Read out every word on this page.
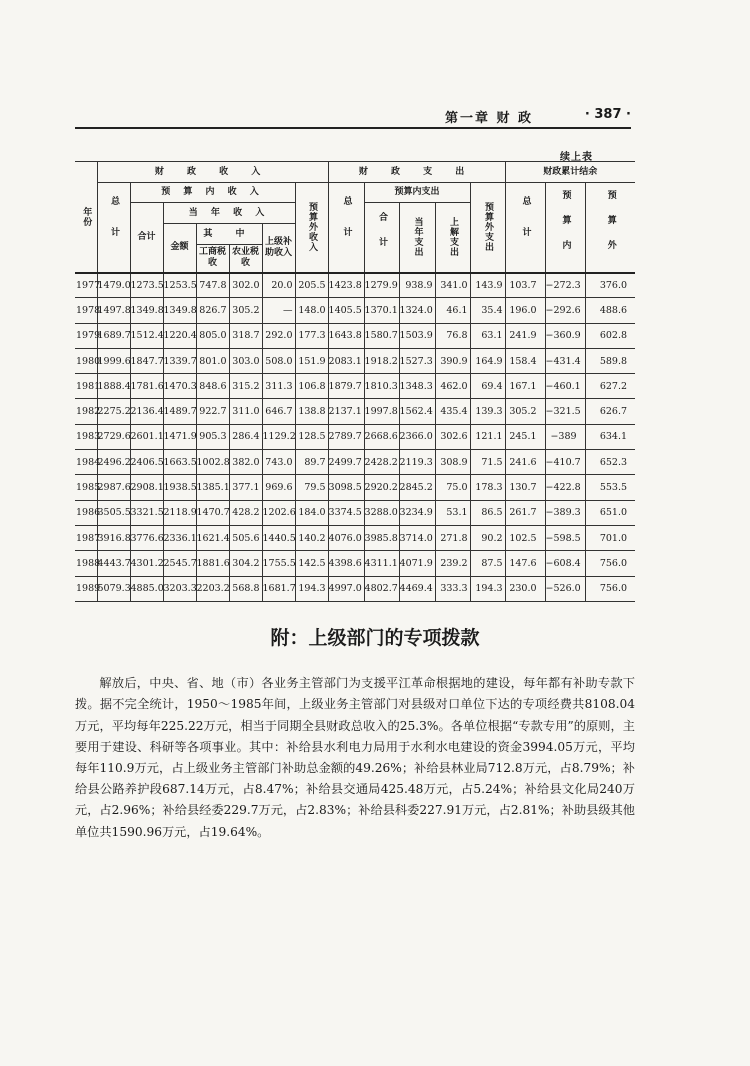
第一章 财 政	· 387 ·
续上表
年份	财 政 收 入							财 政 支 出					财政累计结余		

	总计	预 算 内 收 入					预算外收入	总计	预算内支出			预算外支出	总计	预算内	预算外

		合计	当 年 收 入						合计	当年支出	上解支出				

			金额	其 中		上级补助收入									
				工商税收	农业税收										
1977	1479.0	1273.5	1253.5	747.8	302.0	20.0	205.5	1423.8	1279.9	938.9	341.0	143.9	103.7	−272.3	376.0
1978	1497.8	1349.8	1349.8	826.7	305.2	—	148.0	1405.5	1370.1	1324.0	46.1	35.4	196.0	−292.6	488.6
1979	1689.7	1512.4	1220.4	805.0	318.7	292.0	177.3	1643.8	1580.7	1503.9	76.8	63.1	241.9	−360.9	602.8
1980	1999.6	1847.7	1339.7	801.0	303.0	508.0	151.9	2083.1	1918.2	1527.3	390.9	164.9	158.4	−431.4	589.8
1981	1888.4	1781.6	1470.3	848.6	315.2	311.3	106.8	1879.7	1810.3	1348.3	462.0	69.4	167.1	−460.1	627.2
1982	2275.2	2136.4	1489.7	922.7	311.0	646.7	138.8	2137.1	1997.8	1562.4	435.4	139.3	305.2	−321.5	626.7
1983	2729.6	2601.1	1471.9	905.3	286.4	1129.2	128.5	2789.7	2668.6	2366.0	302.6	121.1	245.1	−389	634.1
1984	2496.2	2406.5	1663.5	1002.8	382.0	743.0	89.7	2499.7	2428.2	2119.3	308.9	71.5	241.6	−410.7	652.3
1985	2987.6	2908.1	1938.5	1385.1	377.1	969.6	79.5	3098.5	2920.2	2845.2	75.0	178.3	130.7	−422.8	553.5
1986	3505.5	3321.5	2118.9	1470.7	428.2	1202.6	184.0	3374.5	3288.0	3234.9	53.1	86.5	261.7	−389.3	651.0
1987	3916.8	3776.6	2336.1	1621.4	505.6	1440.5	140.2	4076.0	3985.8	3714.0	271.8	90.2	102.5	−598.5	701.0
1988	4443.7	4301.2	2545.7	1881.6	304.2	1755.5	142.5	4398.6	4311.1	4071.9	239.2	87.5	147.6	−608.4	756.0
1989	5079.3	4885.0	3203.3	2203.2	568.8	1681.7	194.3	4997.0	4802.7	4469.4	333.3	194.3	230.0	−526.0	756.0
附：上级部门的专项拨款

解放后，中央、省、地（市）各业务主管部门为支援平江革命根据地的建设，每年都有补助专款下拨。据不完全统计，1950～1985年间，上级业务主管部门对县级对口单位下达的专项经费共8108.04万元，平均每年225.22万元，相当于同期全县财政总收入的25.3%。各单位根据“专款专用”的原则，主要用于建设、科研等各项事业。其中：补给县水利电力局用于水利水电建设的资金3994.05万元，平均每年110.9万元，占上级业务主管部门补助总金额的49.26%；补给县林业局712.8万元，占8.79%；补给县公路养护段687.14万元，占8.47%；补给县交通局425.48万元，占5.24%；补给县文化局240万元，占2.96%；补给县经委229.7万元，占2.83%；补给县科委227.91万元，占2.81%；补助县级其他单位共1590.96万元，占19.64%。
